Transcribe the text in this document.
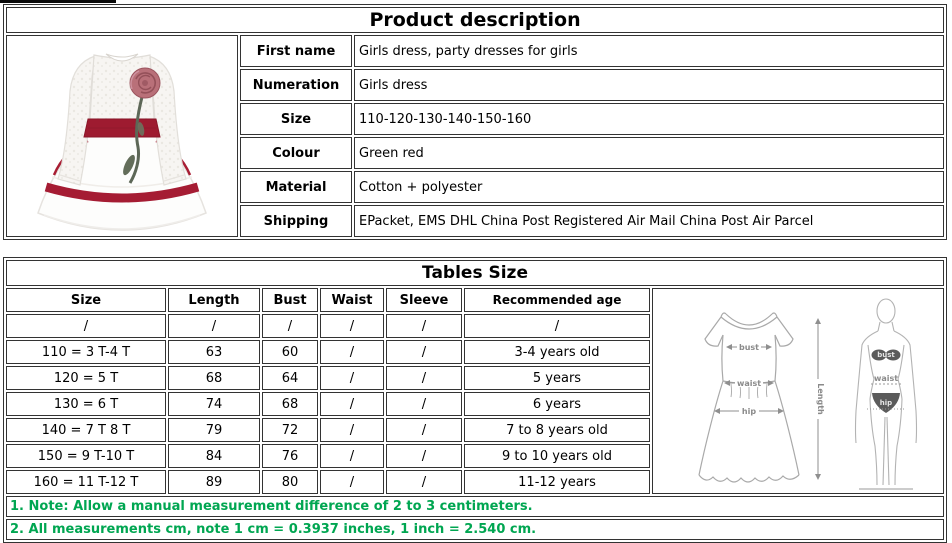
Product description		

	First name	Girls dress, party dresses for girls
	Numeration	Girls dress
	Size	110-120-130-140-150-160
	Colour	Green red
	Material	Cotton + polyester
	Shipping	EPacket, EMS DHL China Post Registered Air Mail China Post Air Parcel
Tables Size						
Size	Length	Bust	Waist	Sleeve	Recommended age	
bust
waist
hip	Length
bust
waist
hip

/	/	/	/	/	/	
110 = 3 T-4 T	63	60	/	/	3-4 years old	
120 = 5 T	68	64	/	/	5 years	
130 = 6 T	74	68	/	/	6 years	
140 = 7 T 8 T	79	72	/	/	7 to 8 years old	
150 = 9 T-10 T	84	76	/	/	9 to 10 years old	
160 = 11 T-12 T	89	80	/	/	11-12 years	
1. Note: Allow a manual measurement difference of 2 to 3 centimeters.						
2. All measurements cm, note 1 cm = 0.3937 inches, 1 inch = 2.540 cm.						
